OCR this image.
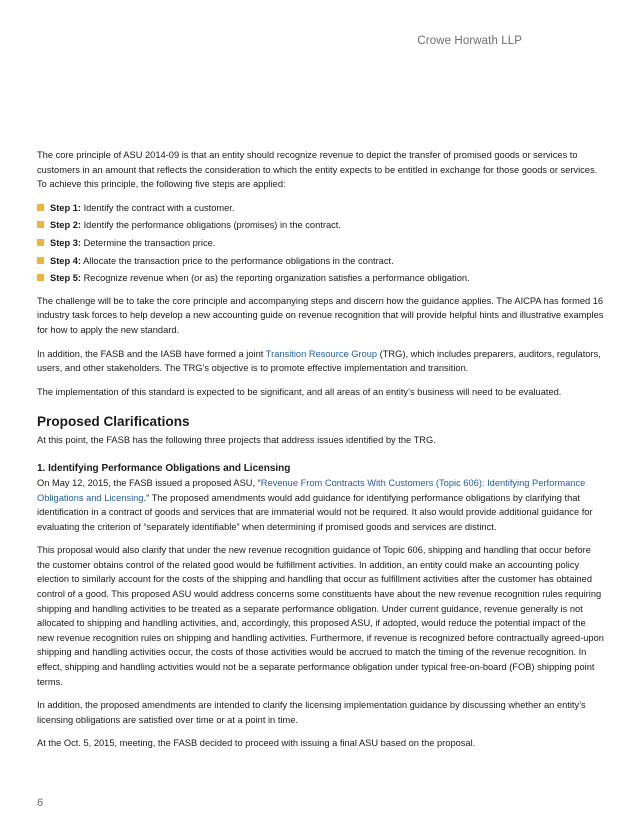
Crowe Horwath LLP

The core principle of ASU 2014-09 is that an entity should recognize revenue to depict the transfer of promised goods or services to customers in an amount that reflects the consideration to which the entity expects to be entitled in exchange for those goods or services. To achieve this principle, the following five steps are applied:

Step 1: Identify the contract with a customer.
Step 2: Identify the performance obligations (promises) in the contract.
Step 3: Determine the transaction price.
Step 4: Allocate the transaction price to the performance obligations in the contract.
Step 5: Recognize revenue when (or as) the reporting organization satisfies a performance obligation.

The challenge will be to take the core principle and accompanying steps and discern how the guidance applies. The AICPA has formed 16 industry task forces to help develop a new accounting guide on revenue recognition that will provide helpful hints and illustrative examples for how to apply the new standard.

In addition, the FASB and the IASB have formed a joint Transition Resource Group (TRG), which includes preparers, auditors, regulators, users, and other stakeholders. The TRG’s objective is to promote effective implementation and transition.

The implementation of this standard is expected to be significant, and all areas of an entity’s business will need to be evaluated.

Proposed Clarifications

At this point, the FASB has the following three projects that address issues identified by the TRG.

1. Identifying Performance Obligations and Licensing

On May 12, 2015, the FASB issued a proposed ASU, “Revenue From Contracts With Customers (Topic 606): Identifying Performance Obligations and Licensing.” The proposed amendments would add guidance for identifying performance obligations by clarifying that identification in a contract of goods and services that are immaterial would not be required. It also would provide additional guidance for evaluating the criterion of “separately identifiable” when determining if promised goods and services are distinct.

This proposal would also clarify that under the new revenue recognition guidance of Topic 606, shipping and handling that occur before the customer obtains control of the related good would be fulfillment activities. In addition, an entity could make an accounting policy election to similarly account for the costs of the shipping and handling that occur as fulfillment activities after the customer has obtained control of a good. This proposed ASU would address concerns some constituents have about the new revenue recognition rules requiring shipping and handling activities to be treated as a separate performance obligation. Under current guidance, revenue generally is not allocated to shipping and handling activities, and, accordingly, this proposed ASU, if adopted, would reduce the potential impact of the new revenue recognition rules on shipping and handling activities. Furthermore, if revenue is recognized before contractually agreed-upon shipping and handling activities occur, the costs of those activities would be accrued to match the timing of the revenue recognition. In effect, shipping and handling activities would not be a separate performance obligation under typical free-on-board (FOB) shipping point terms.

In addition, the proposed amendments are intended to clarify the licensing implementation guidance by discussing whether an entity’s licensing obligations are satisfied over time or at a point in time.

At the Oct. 5, 2015, meeting, the FASB decided to proceed with issuing a final ASU based on the proposal.

6
